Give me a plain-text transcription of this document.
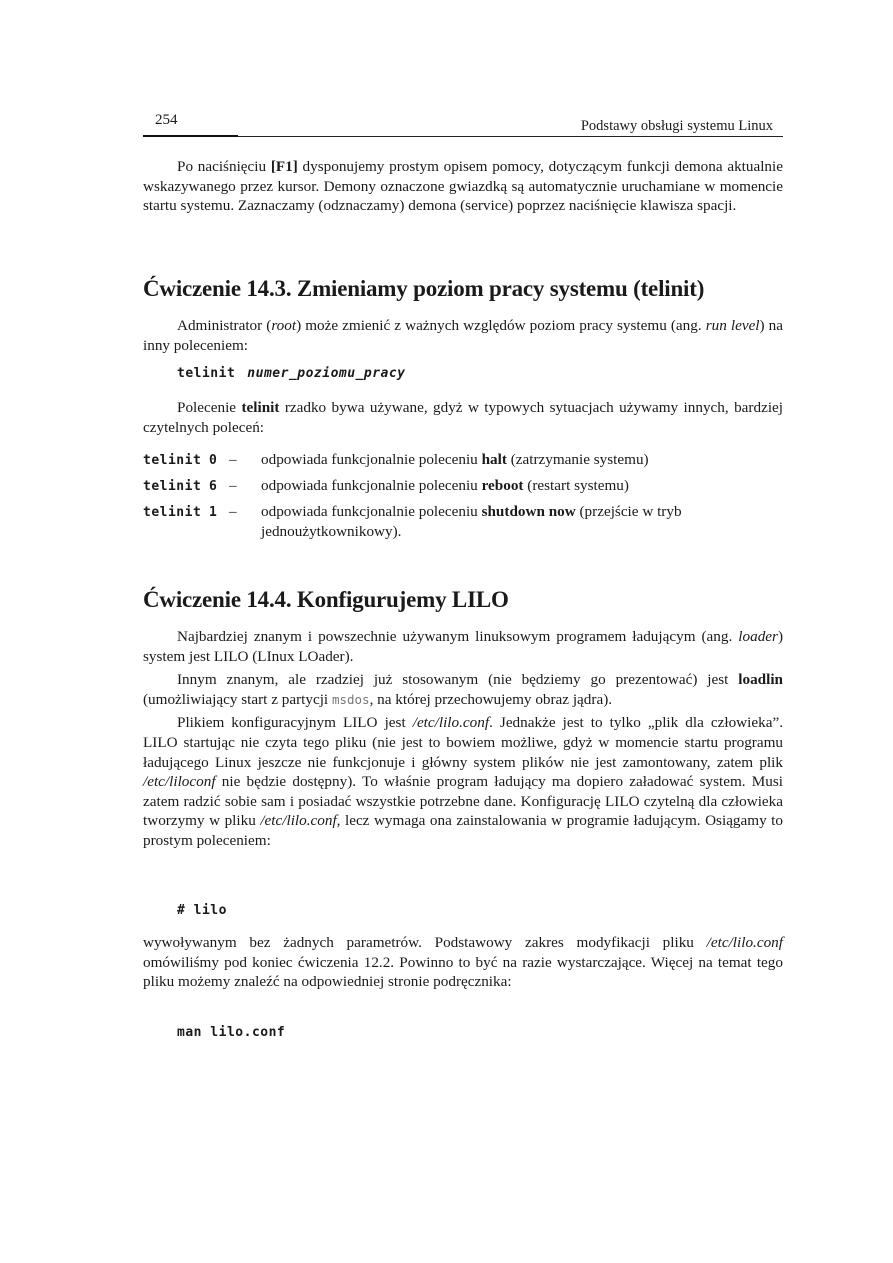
254	Podstawy obsługi systemu Linux

Po naciśnięciu [F1] dysponujemy prostym opisem pomocy, dotyczącym funkcji demona aktualnie wskazywanego przez kursor. Demony oznaczone gwiazdką są automatycznie uruchamiane w momencie startu systemu. Zaznaczamy (odznaczamy) demona (service) poprzez naciśnięcie klawisza spacji.

Ćwiczenie 14.3. Zmieniamy poziom pracy systemu (telinit)

Administrator (root) może zmienić z ważnych względów poziom pracy systemu (ang. run level) na inny poleceniem:

telinit numer_poziomu_pracy

Polecenie telinit rzadko bywa używane, gdyż w typowych sytuacjach używamy innych, bardziej czytelnych poleceń:

telinit 0 –	odpowiada funkcjonalnie poleceniu halt (zatrzymanie systemu)
telinit 6 –	odpowiada funkcjonalnie poleceniu reboot (restart systemu)
telinit 1 –	odpowiada funkcjonalnie poleceniu shutdown now (przejście w tryb jednoużytkownikowy).
Ćwiczenie 14.4. Konfigurujemy LILO

Najbardziej znanym i powszechnie używanym linuksowym programem ładującym (ang. loader) system jest LILO (LInux LOader).

Innym znanym, ale rzadziej już stosowanym (nie będziemy go prezentować) jest loadlin (umożliwiający start z partycji msdos, na której przechowujemy obraz jądra).

Plikiem konfiguracyjnym LILO jest /etc/lilo.conf. Jednakże jest to tylko „plik dla człowieka”. LILO startując nie czyta tego pliku (nie jest to bowiem możliwe, gdyż w momencie startu programu ładującego Linux jeszcze nie funkcjonuje i główny system plików nie jest zamontowany, zatem plik /etc/liloconf nie będzie dostępny). To właśnie program ładujący ma dopiero załadować system. Musi zatem radzić sobie sam i posiadać wszystkie potrzebne dane. Konfigurację LILO czytelną dla człowieka tworzymy w pliku /etc/lilo.conf, lecz wymaga ona zainstalowania w programie ładującym. Osiągamy to prostym poleceniem:

# lilo

wywoływanym bez żadnych parametrów. Podstawowy zakres modyfikacji pliku /etc/lilo.conf omówiliśmy pod koniec ćwiczenia 12.2. Powinno to być na razie wystarczające. Więcej na temat tego pliku możemy znaleźć na odpowiedniej stronie podręcznika:

man lilo.conf
